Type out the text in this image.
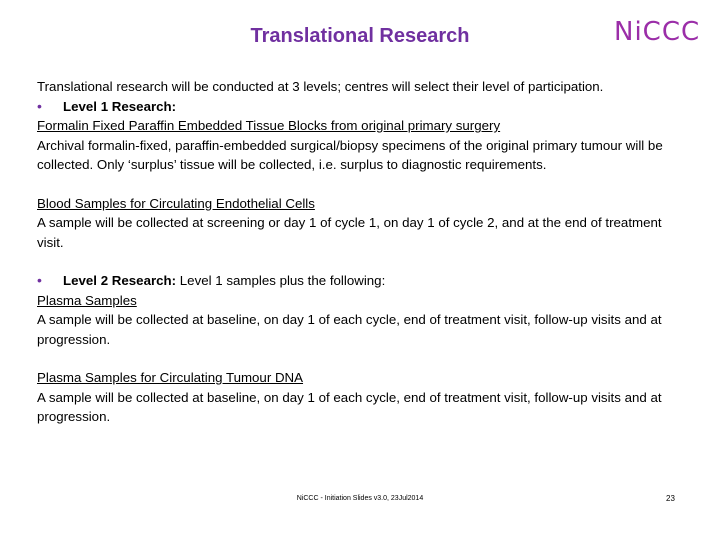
Translational Research	NiCCC

Translational research will be conducted at 3 levels; centres will select their level of participation.

•	Level 1 Research:

Formalin Fixed Paraffin Embedded Tissue Blocks from original primary surgery

Archival formalin-fixed, paraffin-embedded surgical/biopsy specimens of the original primary tumour will be collected. Only ‘surplus’ tissue will be collected, i.e. surplus to diagnostic requirements.

Blood Samples for Circulating Endothelial Cells

A sample will be collected at screening or day 1 of cycle 1, on day 1 of cycle 2, and at the end of treatment visit.

•	Level 2 Research: Level 1 samples plus the following:

Plasma Samples

A sample will be collected at baseline, on day 1 of each cycle, end of treatment visit, follow-up visits and at progression.

Plasma Samples for Circulating Tumour DNA

A sample will be collected at baseline, on day 1 of each cycle, end of treatment visit, follow-up visits and at progression.

NiCCC - Initiation Slides v3.0, 23Jul2014	23
